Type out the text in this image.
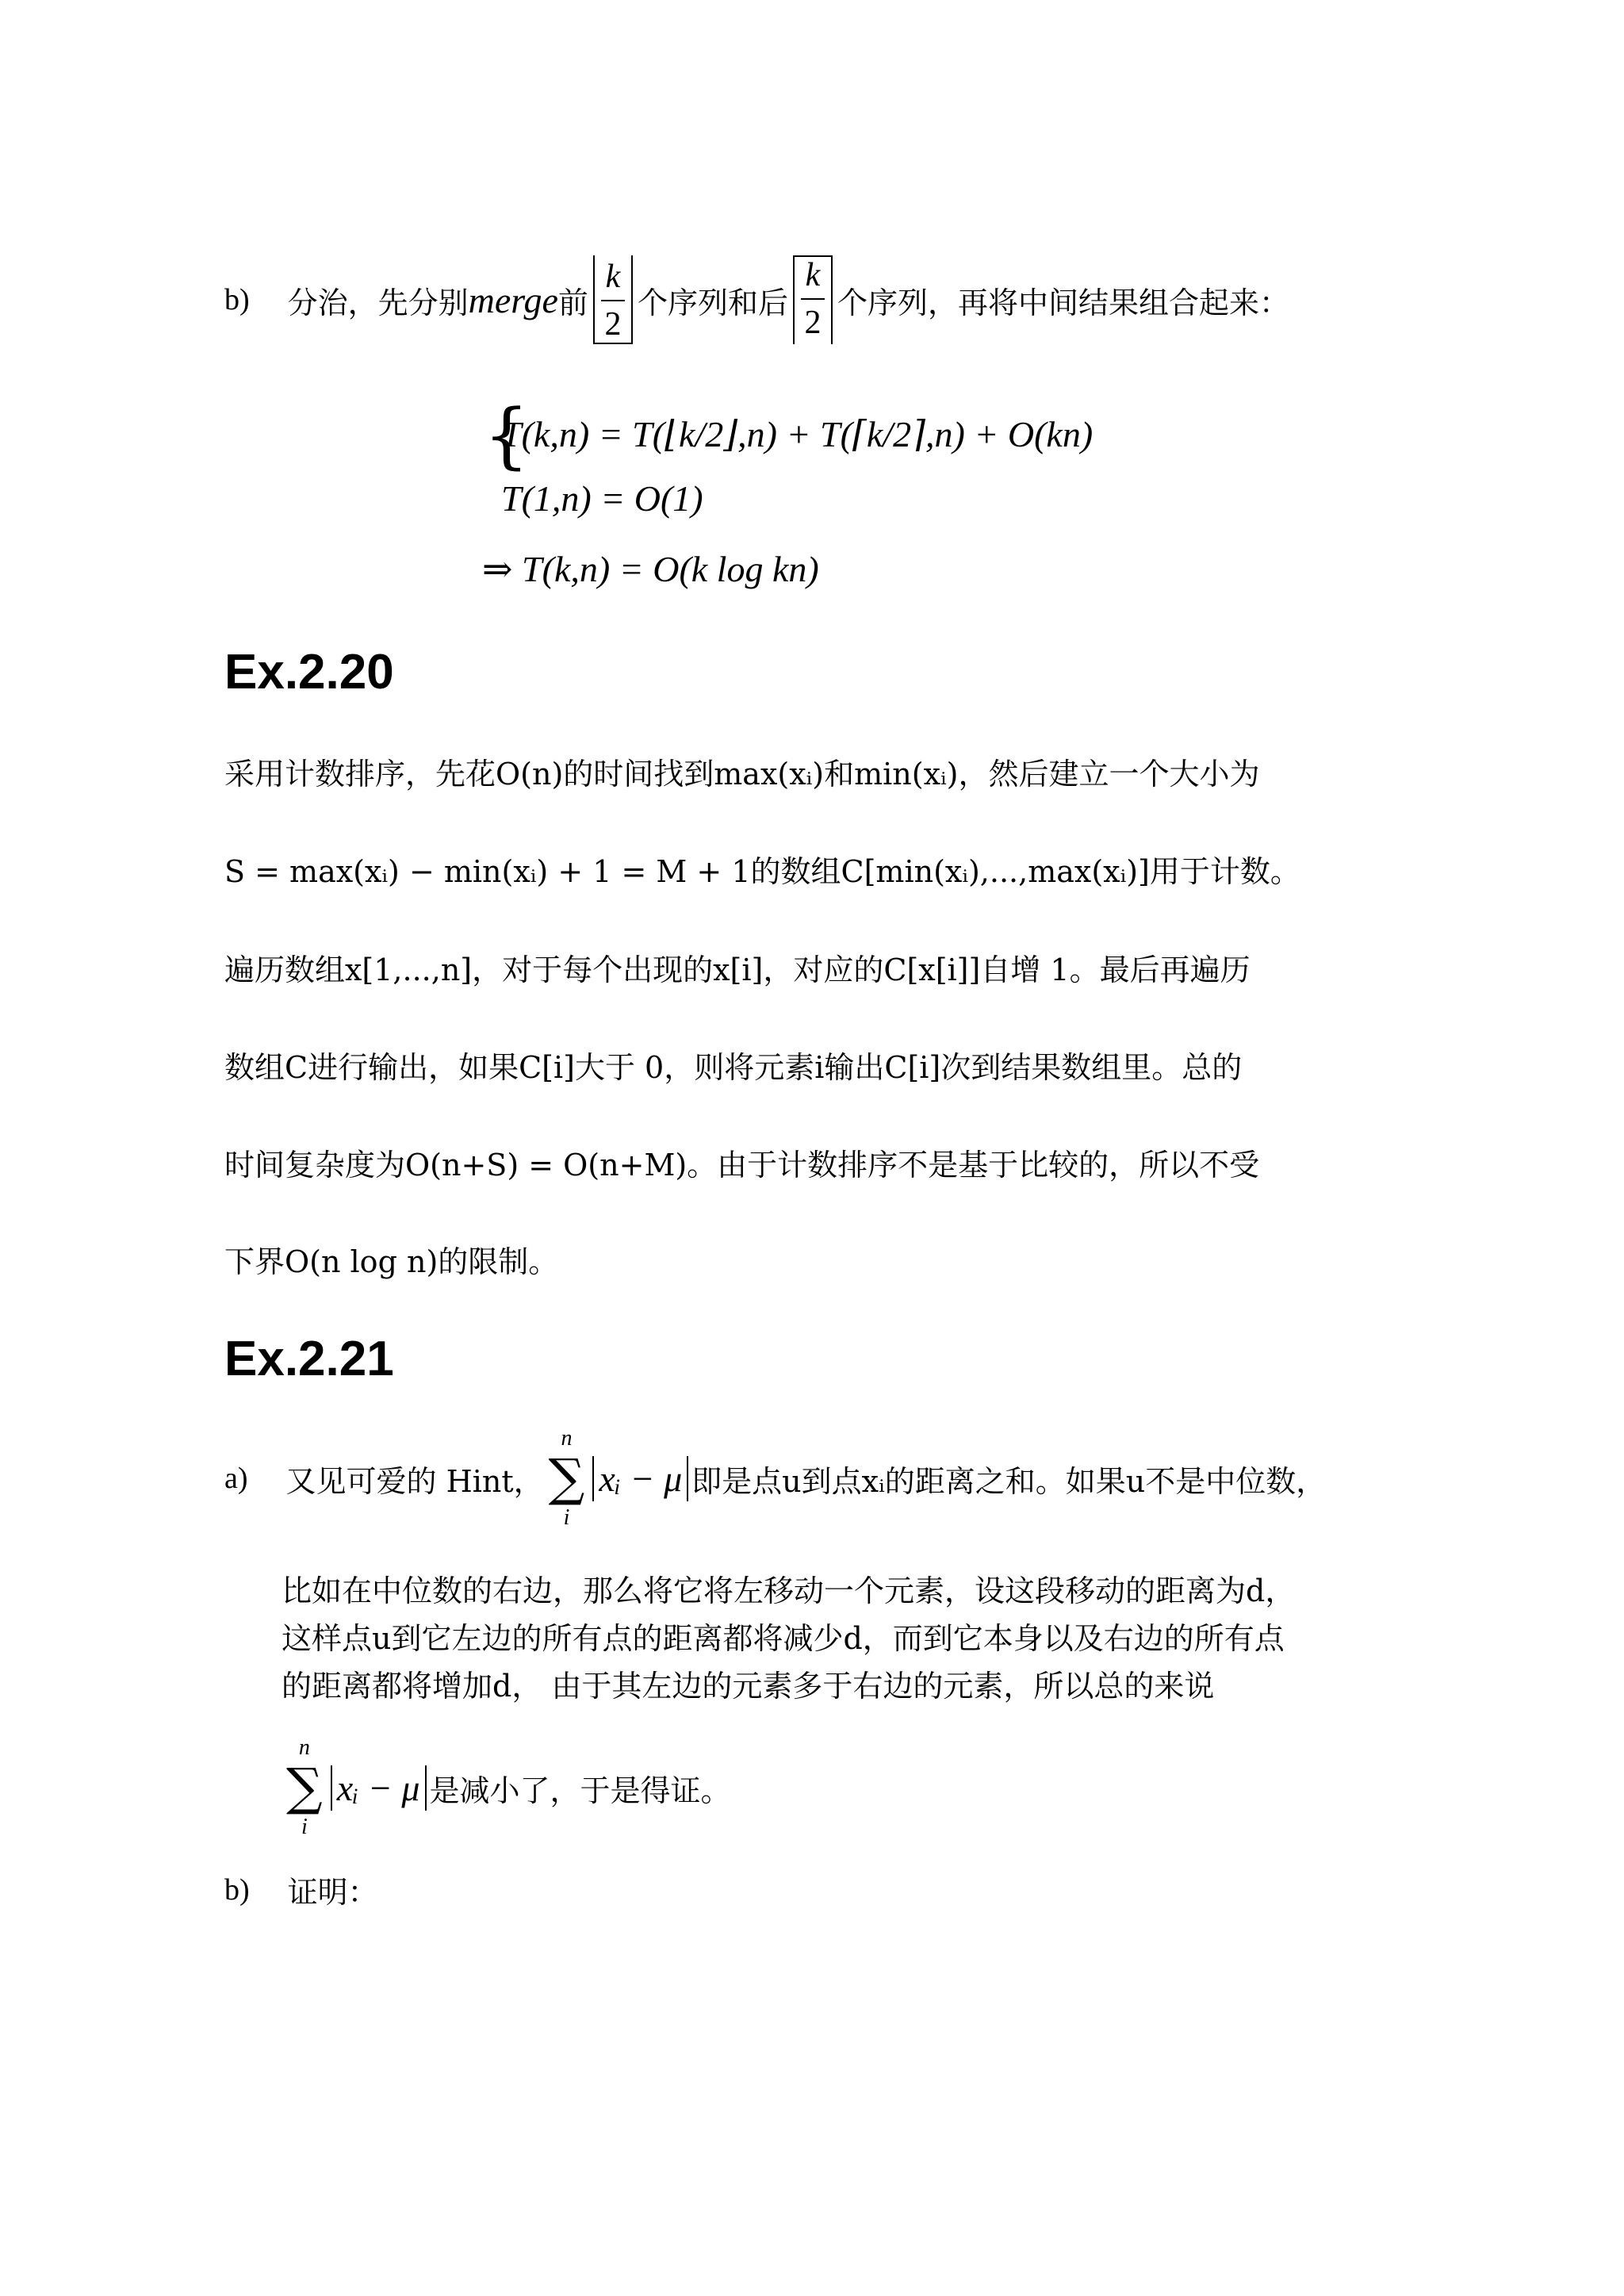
b) 分治，先分别 merge 前 $\frac{k}{2}$ 个序列和后 $\frac{k}{2}$ 个序列，再将中间结果组合起来：
{
T(k,n) = T(⌊k/2⌋,n) + T(⌈k/2⌉,n) + O(kn)
T(1,n) = O(1)
⇒ T(k,n) = O(k log kn)
Ex.2.20
采用计数排序，先花O(n)的时间找到max(xᵢ)和min(xᵢ)，然后建立一个大小为
S = max(xᵢ) − min(xᵢ) + 1 = M + 1的数组C[min(xᵢ),...,max(xᵢ)]用于计数。
遍历数组x[1,...,n]，对于每个出现的x[i]，对应的C[x[i]]自增 1。最后再遍历
数组C进行输出，如果C[i]大于 0，则将元素i输出C[i]次到结果数组里。总的
时间复杂度为O(n+S) = O(n+M)。由于计数排序不是基于比较的，所以不受
下界O(n log n)的限制。
Ex.2.21
a) 又见可爱的 Hint，
n
∑
i
xᵢ − μ 即是点u到点xᵢ的距离之和。如果u不是中位数，
比如在中位数的右边，那么将它将左移动一个元素，设这段移动的距离为d，
这样点u到它左边的所有点的距离都将减少d，而到它本身以及右边的所有点
的距离都将增加d， 由于其左边的元素多于右边的元素，所以总的来说
n
∑
i
xᵢ − μ 是减小了，于是得证。
b) 证明：
